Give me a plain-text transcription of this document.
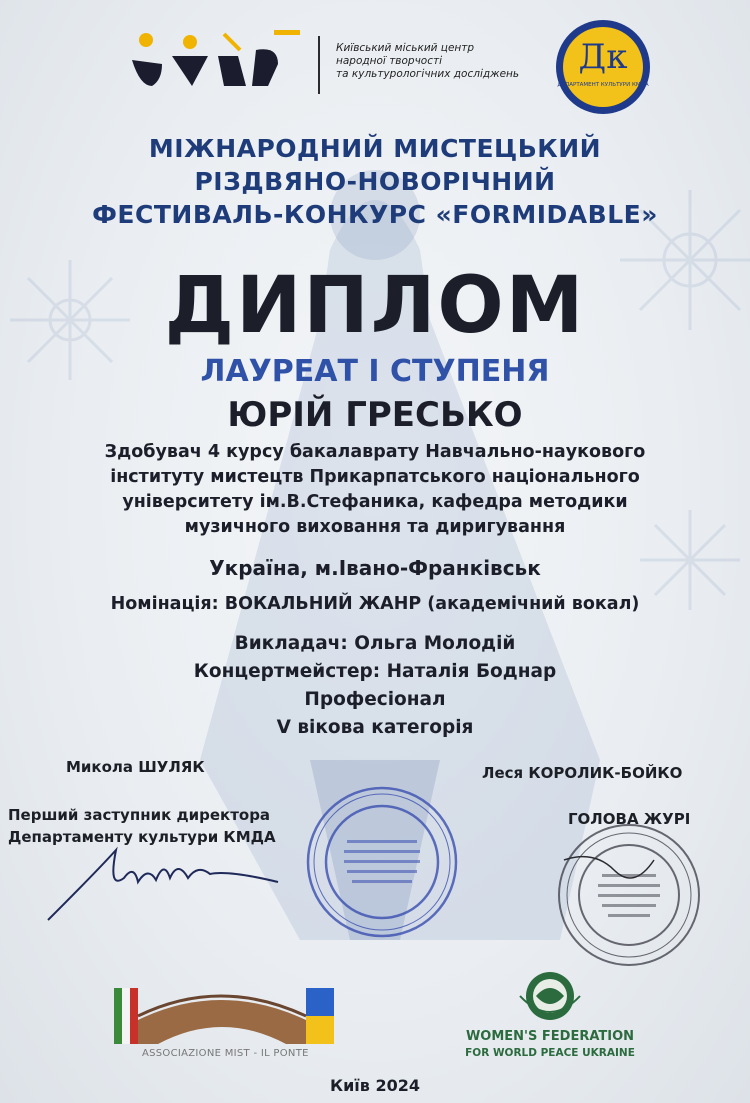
Київський міський центр
народної творчості
та культурологічних досліджень	Дк
ДЕПАРТАМЕНТ КУЛЬТУРИ КМДА
МІЖНАРОДНИЙ МИСТЕЦЬКИЙ
РІЗДВЯНО-НОВОРІЧНИЙ
ФЕСТИВАЛЬ-КОНКУРС «FORMIDABLE»
ДИПЛОМ
ЛАУРЕАТ І СТУПЕНЯ
ЮРІЙ ГРЕСЬКО
Здобувач 4 курсу бакалаврату Навчально-наукового
інституту мистецтв Прикарпатського національного
університету ім.В.Стефаника, кафедра методики
музичного виховання та диригування
Україна, м.Івано-Франківськ
Номінація: ВОКАЛЬНИЙ ЖАНР (академічний вокал)
Викладач: Ольга Молодій
Концертмейстер: Наталія Боднар
Професіонал
V вікова категорія
Микола ШУЛЯК
Перший заступник директора
Департаменту культури КМДА
Леся КОРОЛИК-БОЙКО
ГОЛОВА ЖУРІ
ASSOCIAZIONE MIST - IL PONTE
WOMEN'S FEDERATION
FOR WORLD PEACE UKRAINE
Київ 2024
